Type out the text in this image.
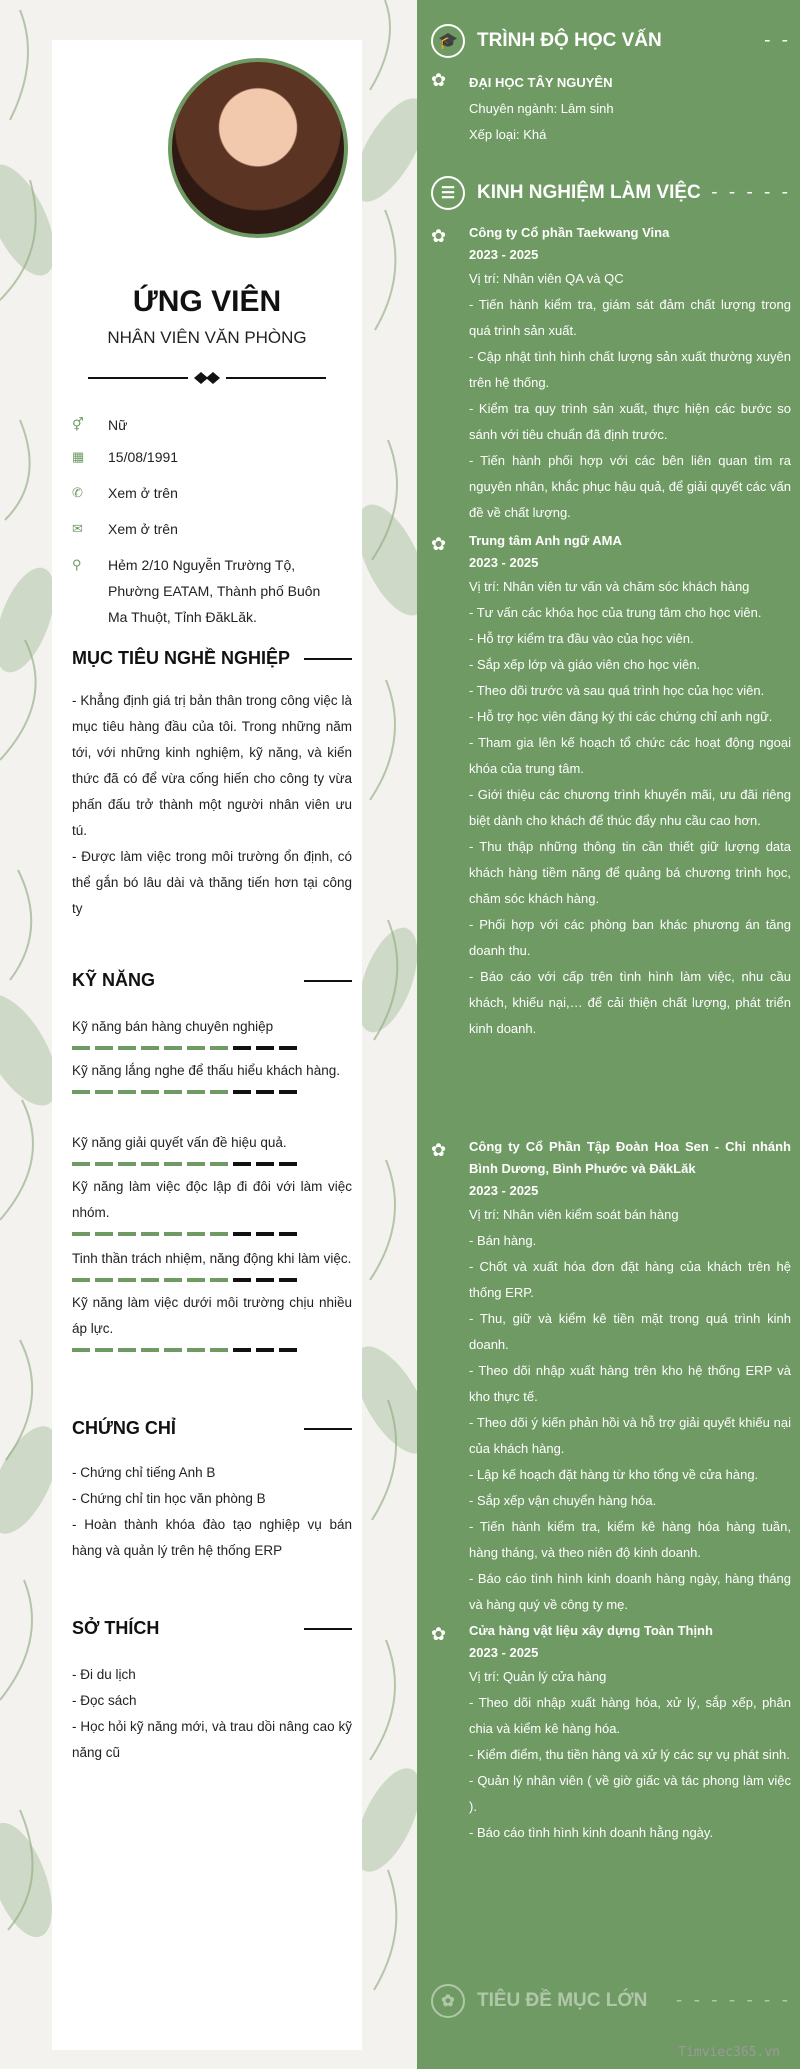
ỨNG VIÊN
NHÂN VIÊN VĂN PHÒNG
⚥	Nữ
▦	15/08/1991
✆	Xem ở trên
✉	Xem ở trên
⚲	Hẻm 2/10 Nguyễn Trường Tộ, Phường EATAM, Thành phố Buôn Ma Thuột, Tỉnh ĐăkLăk.
MỤC TIÊU NGHỀ NGHIỆP
- Khẳng định giá trị bản thân trong công việc là mục tiêu hàng đầu của tôi. Trong những năm tới, với những kinh nghiệm, kỹ năng, và kiến thức đã có để vừa cống hiến cho công ty vừa phấn đấu trở thành một người nhân viên ưu tú.
- Được làm việc trong môi trường ổn định, có thể gắn bó lâu dài và thăng tiến hơn tại công ty
KỸ NĂNG
Kỹ năng bán hàng chuyên nghiệp
Kỹ năng lắng nghe để thấu hiểu khách hàng.
Kỹ năng giải quyết vấn đề hiệu quả.
Kỹ năng làm việc độc lập đi đôi với làm việc nhóm.
Tinh thần trách nhiệm, năng động khi làm việc.
Kỹ năng làm việc dưới môi trường chịu nhiều áp lực.
CHỨNG CHỈ
- Chứng chỉ tiếng Anh B
- Chứng chỉ tin học văn phòng B
- Hoàn thành khóa đào tạo nghiệp vụ bán hàng và quản lý trên hệ thống ERP
SỞ THÍCH
- Đi du lịch
- Đọc sách
- Học hỏi kỹ năng mới, và trau dồi nâng cao kỹ năng cũ
🎓	TRÌNH ĐỘ HỌC VẤN	- -
✿ ĐẠI HỌC TÂY NGUYÊN
Chuyên ngành: Lâm sinh
Xếp loại: Khá
☰	KINH NGHIỆM LÀM VIỆC - - - - -
✿ Công ty Cổ phần Taekwang Vina
2023 - 2025
Vị trí: Nhân viên QA và QC
- Tiến hành kiểm tra, giám sát đảm chất lượng trong quá trình sản xuất.
- Cập nhật tình hình chất lượng sản xuất thường xuyên trên hệ thống.
- Kiểm tra quy trình sản xuất, thực hiện các bước so sánh với tiêu chuẩn đã định trước.
- Tiến hành phối hợp với các bên liên quan tìm ra nguyên nhân, khắc phục hậu quả, để giải quyết các vấn đề về chất lượng.
✿ Trung tâm Anh ngữ AMA
2023 - 2025
Vị trí: Nhân viên tư vấn và chăm sóc khách hàng
- Tư vấn các khóa học của trung tâm cho học viên.
- Hỗ trợ kiểm tra đầu vào của học viên.
- Sắp xếp lớp và giáo viên cho học viên.
- Theo dõi trước và sau quá trình học của học viên.
- Hỗ trợ học viên đăng ký thi các chứng chỉ anh ngữ.
- Tham gia lên kế hoạch tổ chức các hoạt động ngoại khóa của trung tâm.
- Giới thiệu các chương trình khuyến mãi, ưu đãi riêng biệt dành cho khách để thúc đẩy nhu cầu cao hơn.
- Thu thập những thông tin cần thiết giữ lượng data khách hàng tiềm năng để quảng bá chương trình học, chăm sóc khách hàng.
- Phối hợp với các phòng ban khác phương án tăng doanh thu.
- Báo cáo với cấp trên tình hình làm việc, nhu cầu khách, khiếu nại,… để cải thiện chất lượng, phát triển kinh doanh.
✿ Công ty Cổ Phần Tập Đoàn Hoa Sen - Chi nhánh Bình Dương, Bình Phước và ĐăkLăk
2023 - 2025
Vị trí: Nhân viên kiểm soát bán hàng
- Bán hàng.
- Chốt và xuất hóa đơn đặt hàng của khách trên hệ thống ERP.
- Thu, giữ và kiểm kê tiền mặt trong quá trình kinh doanh.
- Theo dõi nhập xuất hàng trên kho hệ thống ERP và kho thực tế.
- Theo dõi ý kiến phản hồi và hỗ trợ giải quyết khiếu nại của khách hàng.
- Lập kế hoạch đặt hàng từ kho tổng về cửa hàng.
- Sắp xếp vận chuyển hàng hóa.
- Tiến hành kiểm tra, kiểm kê hàng hóa hàng tuần, hàng tháng, và theo niên độ kinh doanh.
- Báo cáo tình hình kinh doanh hàng ngày, hàng tháng và hàng quý về công ty mẹ.
✿ Cửa hàng vật liệu xây dựng Toàn Thịnh
2023 - 2025
Vị trí: Quản lý cửa hàng
- Theo dõi nhập xuất hàng hóa, xử lý, sắp xếp, phân chia và kiểm kê hàng hóa.
- Kiểm điểm, thu tiền hàng và xử lý các sự vụ phát sinh.
- Quản lý nhân viên ( về giờ giấc và tác phong làm việc ).
- Báo cáo tình hình kinh doanh hằng ngày.
✿	TIÊU ĐỀ MỤC LỚN - - - - - - -
Timviec365.vn
